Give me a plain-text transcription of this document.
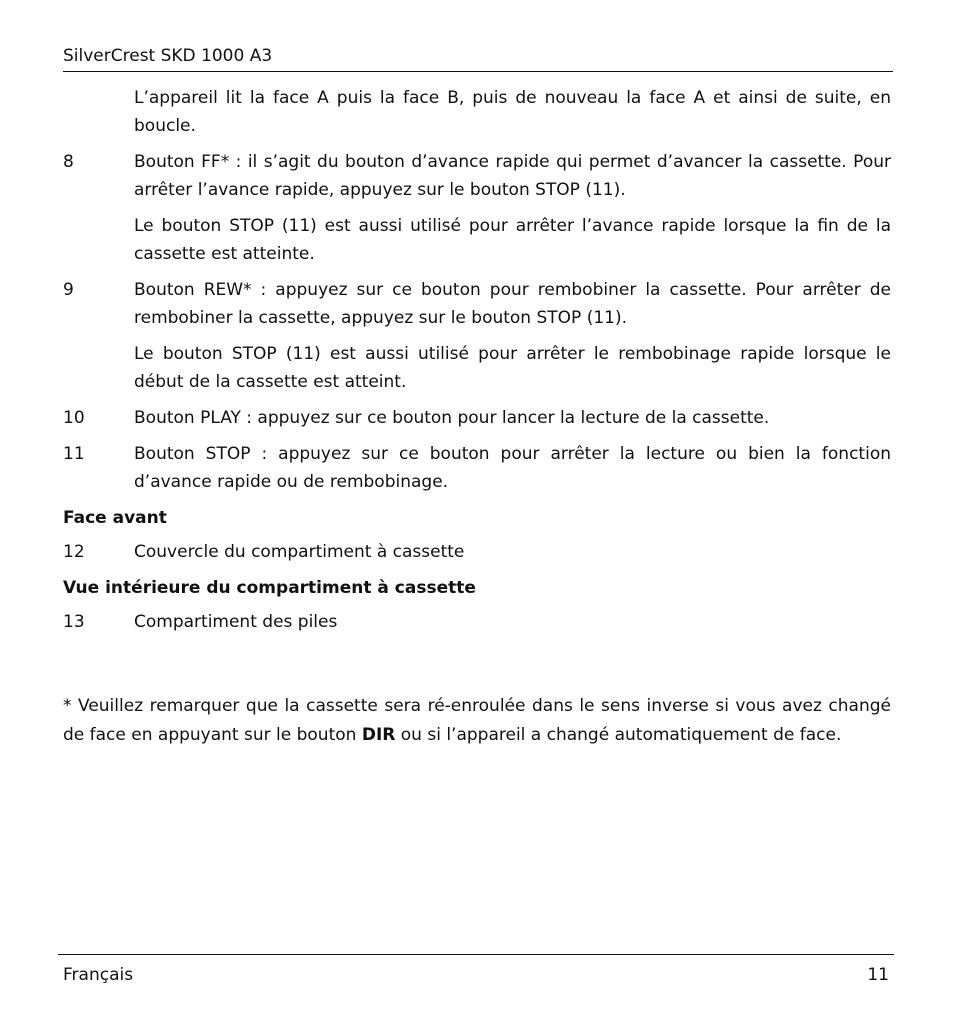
SilverCrest SKD 1000 A3
L’appareil lit la face A puis la face B, puis de nouveau la face A et ainsi de suite, en boucle.
8	Bouton FF* : il s’agit du bouton d’avance rapide qui permet d’avancer la cassette. Pour arrêter l’avance rapide, appuyez sur le bouton STOP (11).
Le bouton STOP (11) est aussi utilisé pour arrêter l’avance rapide lorsque la fin de la cassette est atteinte.
9	Bouton REW* : appuyez sur ce bouton pour rembobiner la cassette. Pour arrêter de rembobiner la cassette, appuyez sur le bouton STOP (11).
Le bouton STOP (11) est aussi utilisé pour arrêter le rembobinage rapide lorsque le début de la cassette est atteint.
10	Bouton PLAY : appuyez sur ce bouton pour lancer la lecture de la cassette.
11	Bouton STOP : appuyez sur ce bouton pour arrêter la lecture ou bien la fonction d’avance rapide ou de rembobinage.
Face avant
12	Couvercle du compartiment à cassette
Vue intérieure du compartiment à cassette
13	Compartiment des piles
* Veuillez remarquer que la cassette sera ré-enroulée dans le sens inverse si vous avez changé de face en appuyant sur le bouton DIR ou si l’appareil a changé automatiquement de face.
Français	11
